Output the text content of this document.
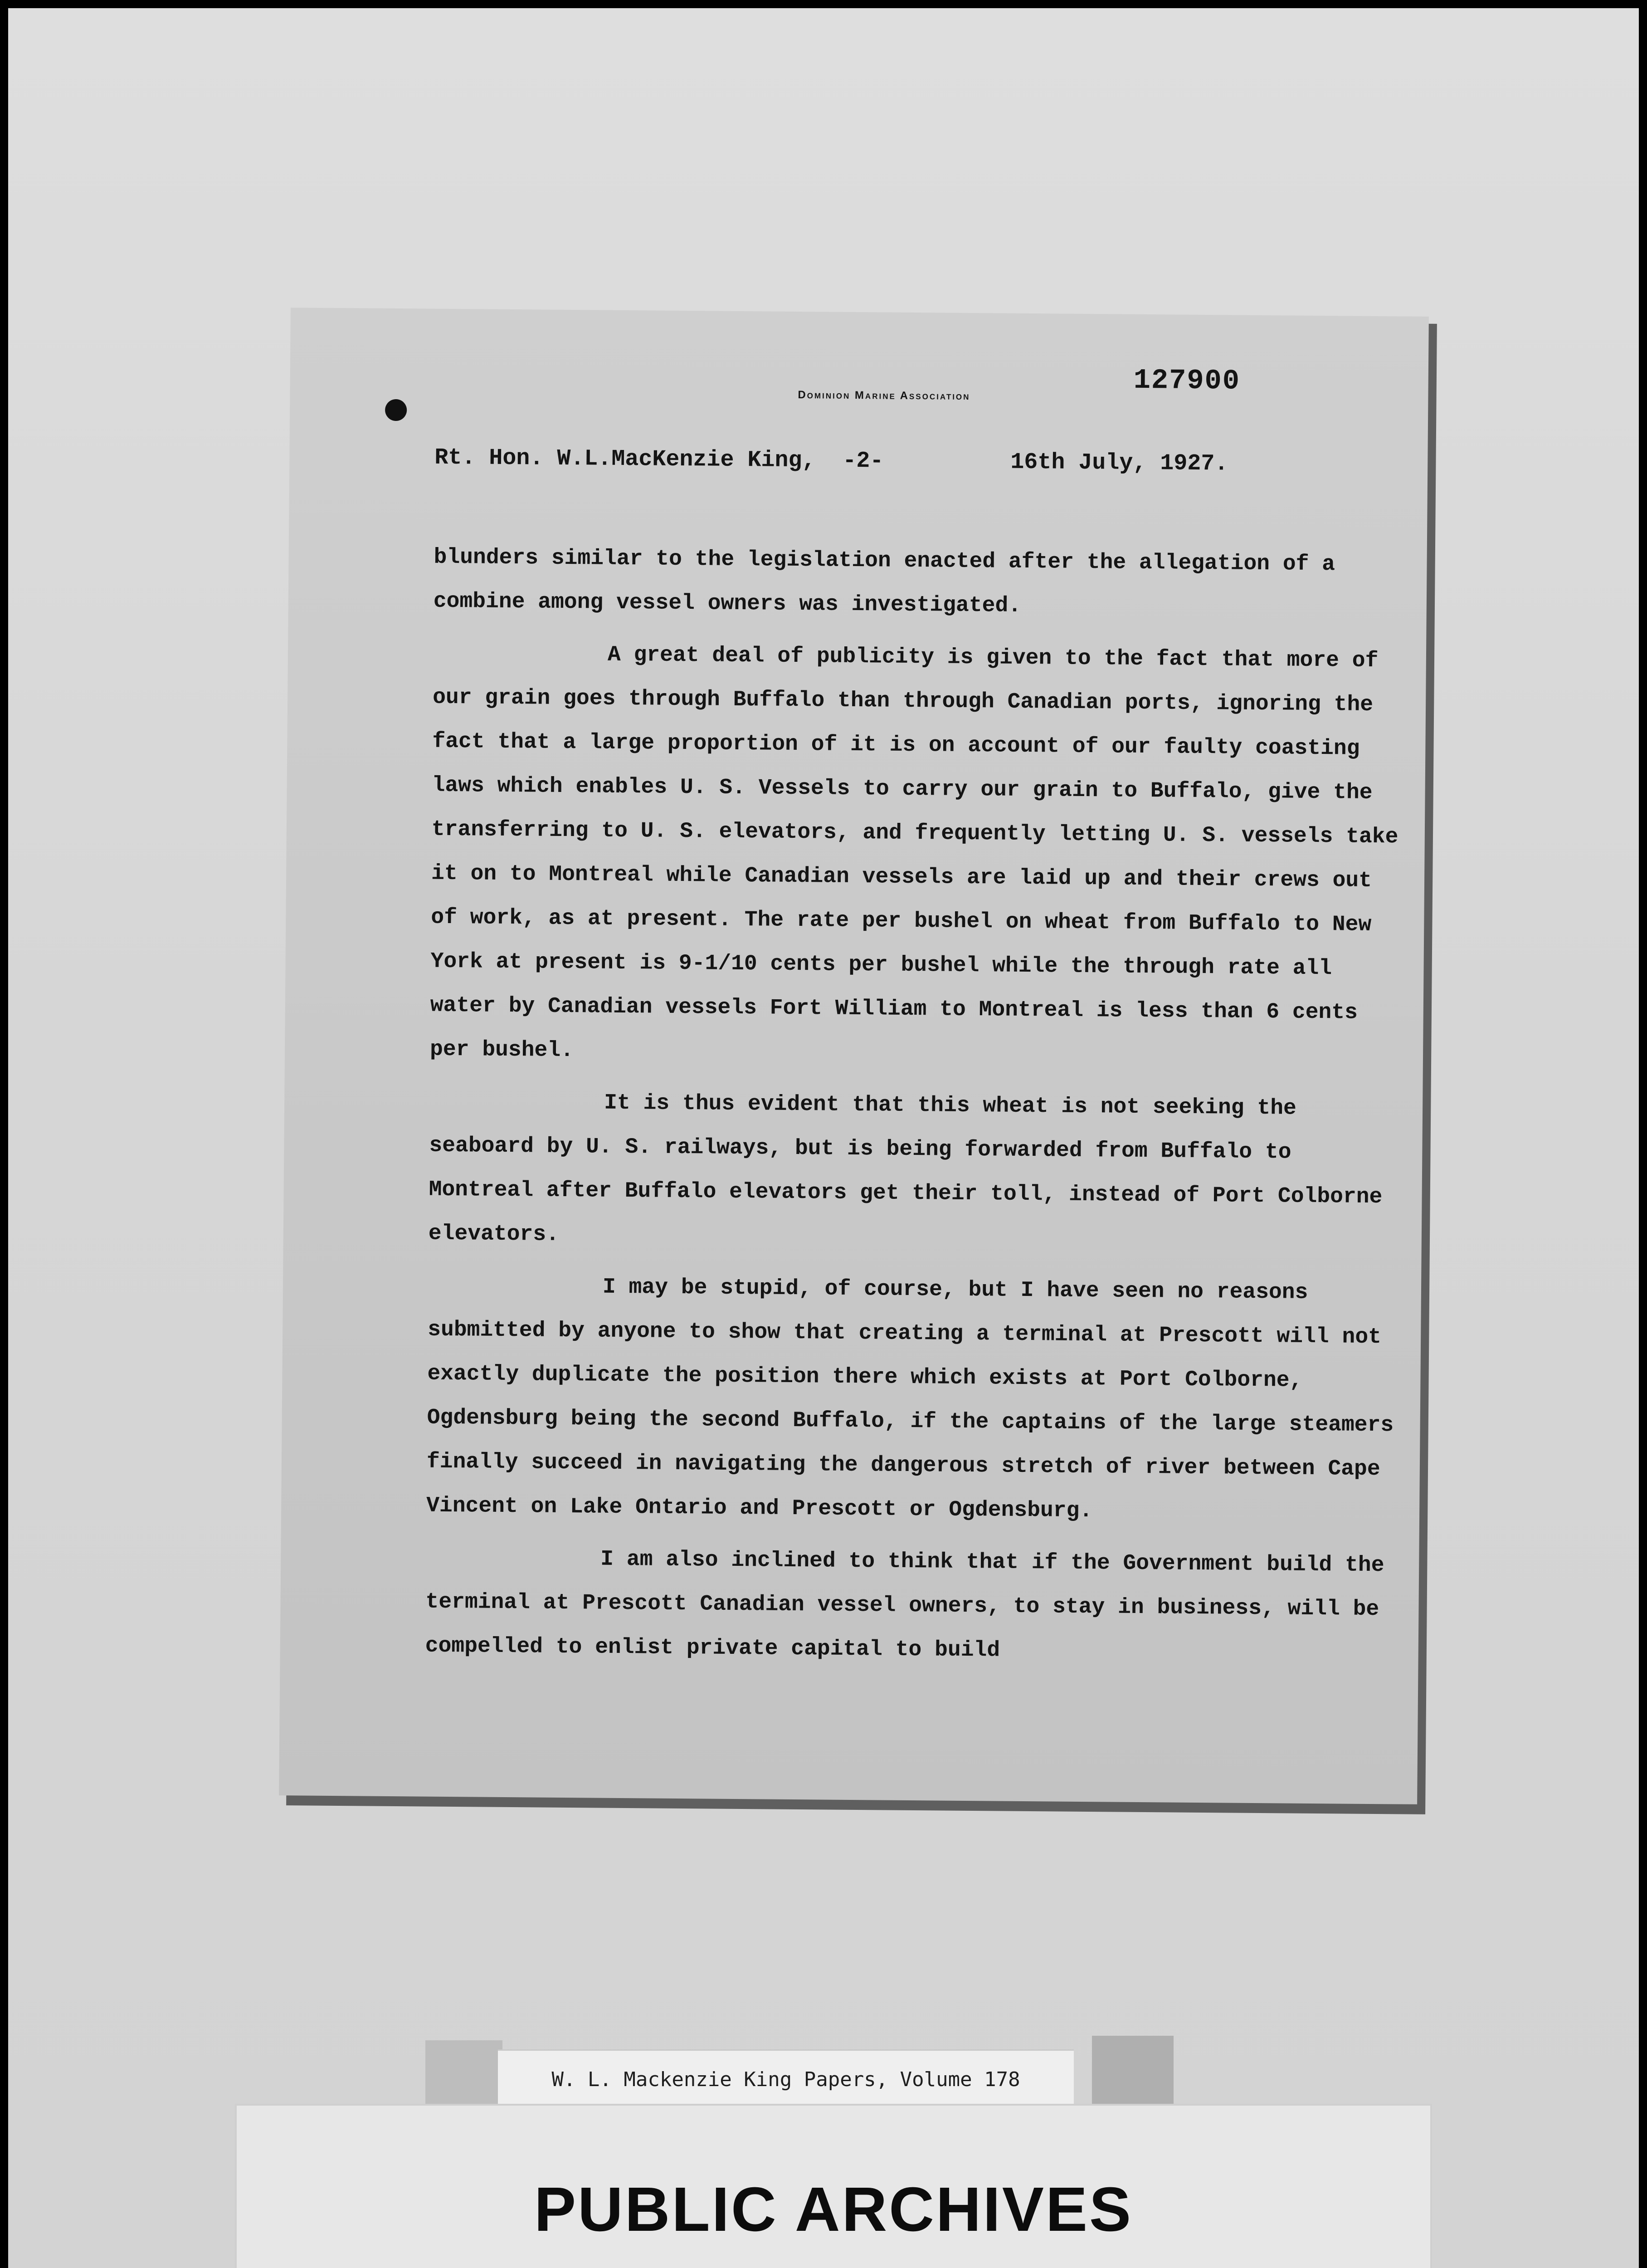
Dominion Marine Association	127900
Rt. Hon. W.L.MacKenzie King, -2-	16th July, 1927.

blunders similar to the legislation enacted after the allegation of a combine among vessel owners was investigated.

A great deal of publicity is given to the fact that more of our grain goes through Buffalo than through Canadian ports, ignoring the fact that a large proportion of it is on account of our faulty coasting laws which enables U. S. Vessels to carry our grain to Buffalo, give the transferring to U. S. elevators, and frequently letting U. S. vessels take it on to Montreal while Canadian vessels are laid up and their crews out of work, as at present. The rate per bushel on wheat from Buffalo to New York at present is 9-1/10 cents per bushel while the through rate all water by Canadian vessels Fort William to Montreal is less than 6 cents per bushel.

It is thus evident that this wheat is not seeking the seaboard by U. S. railways, but is being forwarded from Buffalo to Montreal after Buffalo elevators get their toll, instead of Port Colborne elevators.

I may be stupid, of course, but I have seen no reasons submitted by anyone to show that creating a terminal at Prescott will not exactly duplicate the position there which exists at Port Colborne, Ogdensburg being the second Buffalo, if the captains of the large steamers finally succeed in navigating the dangerous stretch of river between Cape Vincent on Lake Ontario and Prescott or Ogdensburg.

I am also inclined to think that if the Government build the terminal at Prescott Canadian vessel owners, to stay in business, will be compelled to enlist private capital to build

W. L. Mackenzie King Papers, Volume 178
PUBLIC ARCHIVES
